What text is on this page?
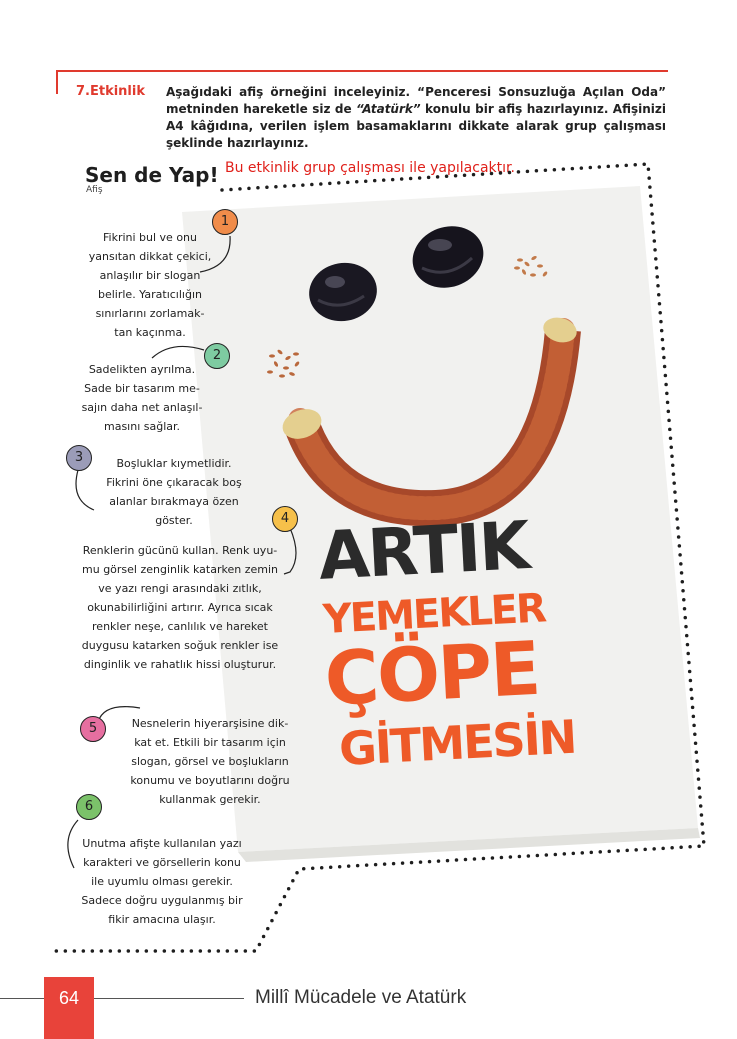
7.Etkinlik Aşağıdaki afiş örneğini inceleyiniz. “Penceresi Sonsuzluğa Açılan Oda” metninden hareketle siz de “Atatürk” konulu bir afiş hazırlayınız. Afişinizi A4 kâğıdına, verilen işlem basamaklarını dikkate alarak grup çalışması şeklinde hazırlayınız.
Sen de Yap! Bu etkinlik grup çalışması ile yapılacaktır.
Afiş
ARTIK
YEMEKLER
ÇÖPE
GİTMESİN
1
Fikrini bul ve onu
yansıtan dikkat çekici,
anlaşılır bir slogan
belirle. Yaratıcılığın
sınırlarını zorlamak-
tan kaçınma.
2
Sadelikten ayrılma.
Sade bir tasarım me-
sajın daha net anlaşıl-
masını sağlar.
3	Boşluklar kıymetlidir.
Fikrini öne çıkaracak boş
alanlar bırakmaya özen
göster.	4
Renklerin gücünü kullan. Renk uyu-
mu görsel zenginlik katarken zemin
ve yazı rengi arasındaki zıtlık,
okunabilirliğini artırır. Ayrıca sıcak
renkler neşe, canlılık ve hareket
duygusu katarken soğuk renkler ise
dinginlik ve rahatlık hissi oluşturur.
5	Nesnelerin hiyerarşisine dik-
kat et. Etkili bir tasarım için
slogan, görsel ve boşlukların
konumu ve boyutlarını doğru
kullanmak gerekir.
6
Unutma afişte kullanılan yazı
karakteri ve görsellerin konu
ile uyumlu olması gerekir.
Sadece doğru uygulanmış bir
fikir amacına ulaşır.
64	Millî Mücadele ve Atatürk
